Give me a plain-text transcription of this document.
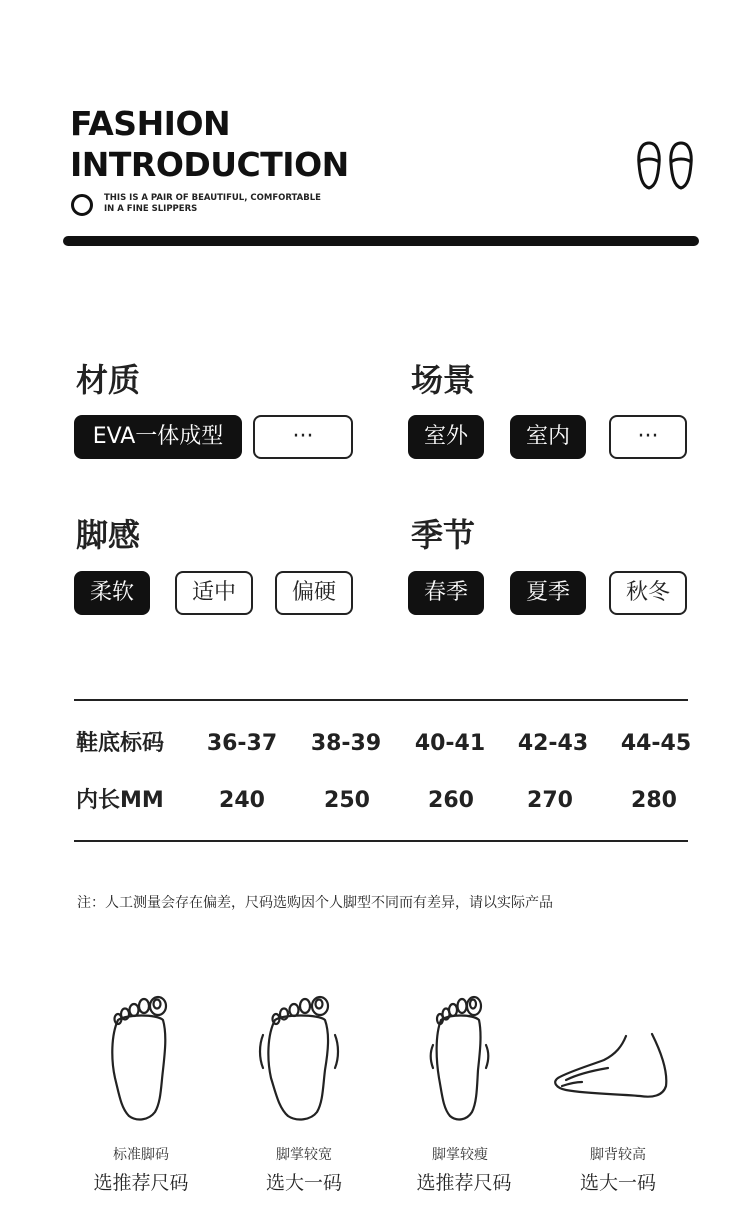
FASHION
INTRODUCTION
THIS IS A PAIR OF BEAUTIFUL, COMFORTABLE
IN A FINE SLIPPERS
材质
EVA一体成型	···
场景
室外	室内	···
脚感
柔软	适中	偏硬
季节
春季	夏季	秋冬
鞋底标码	36-37	38-39	40-41	42-43	44-45
内长MM	240	250	260	270	280
注：人工测量会存在偏差，尺码选购因个人脚型不同而有差异，请以实际产品
标准脚码
选推荐尺码
脚掌较宽
选大一码
脚掌较瘦
选推荐尺码
脚背较高
选大一码
